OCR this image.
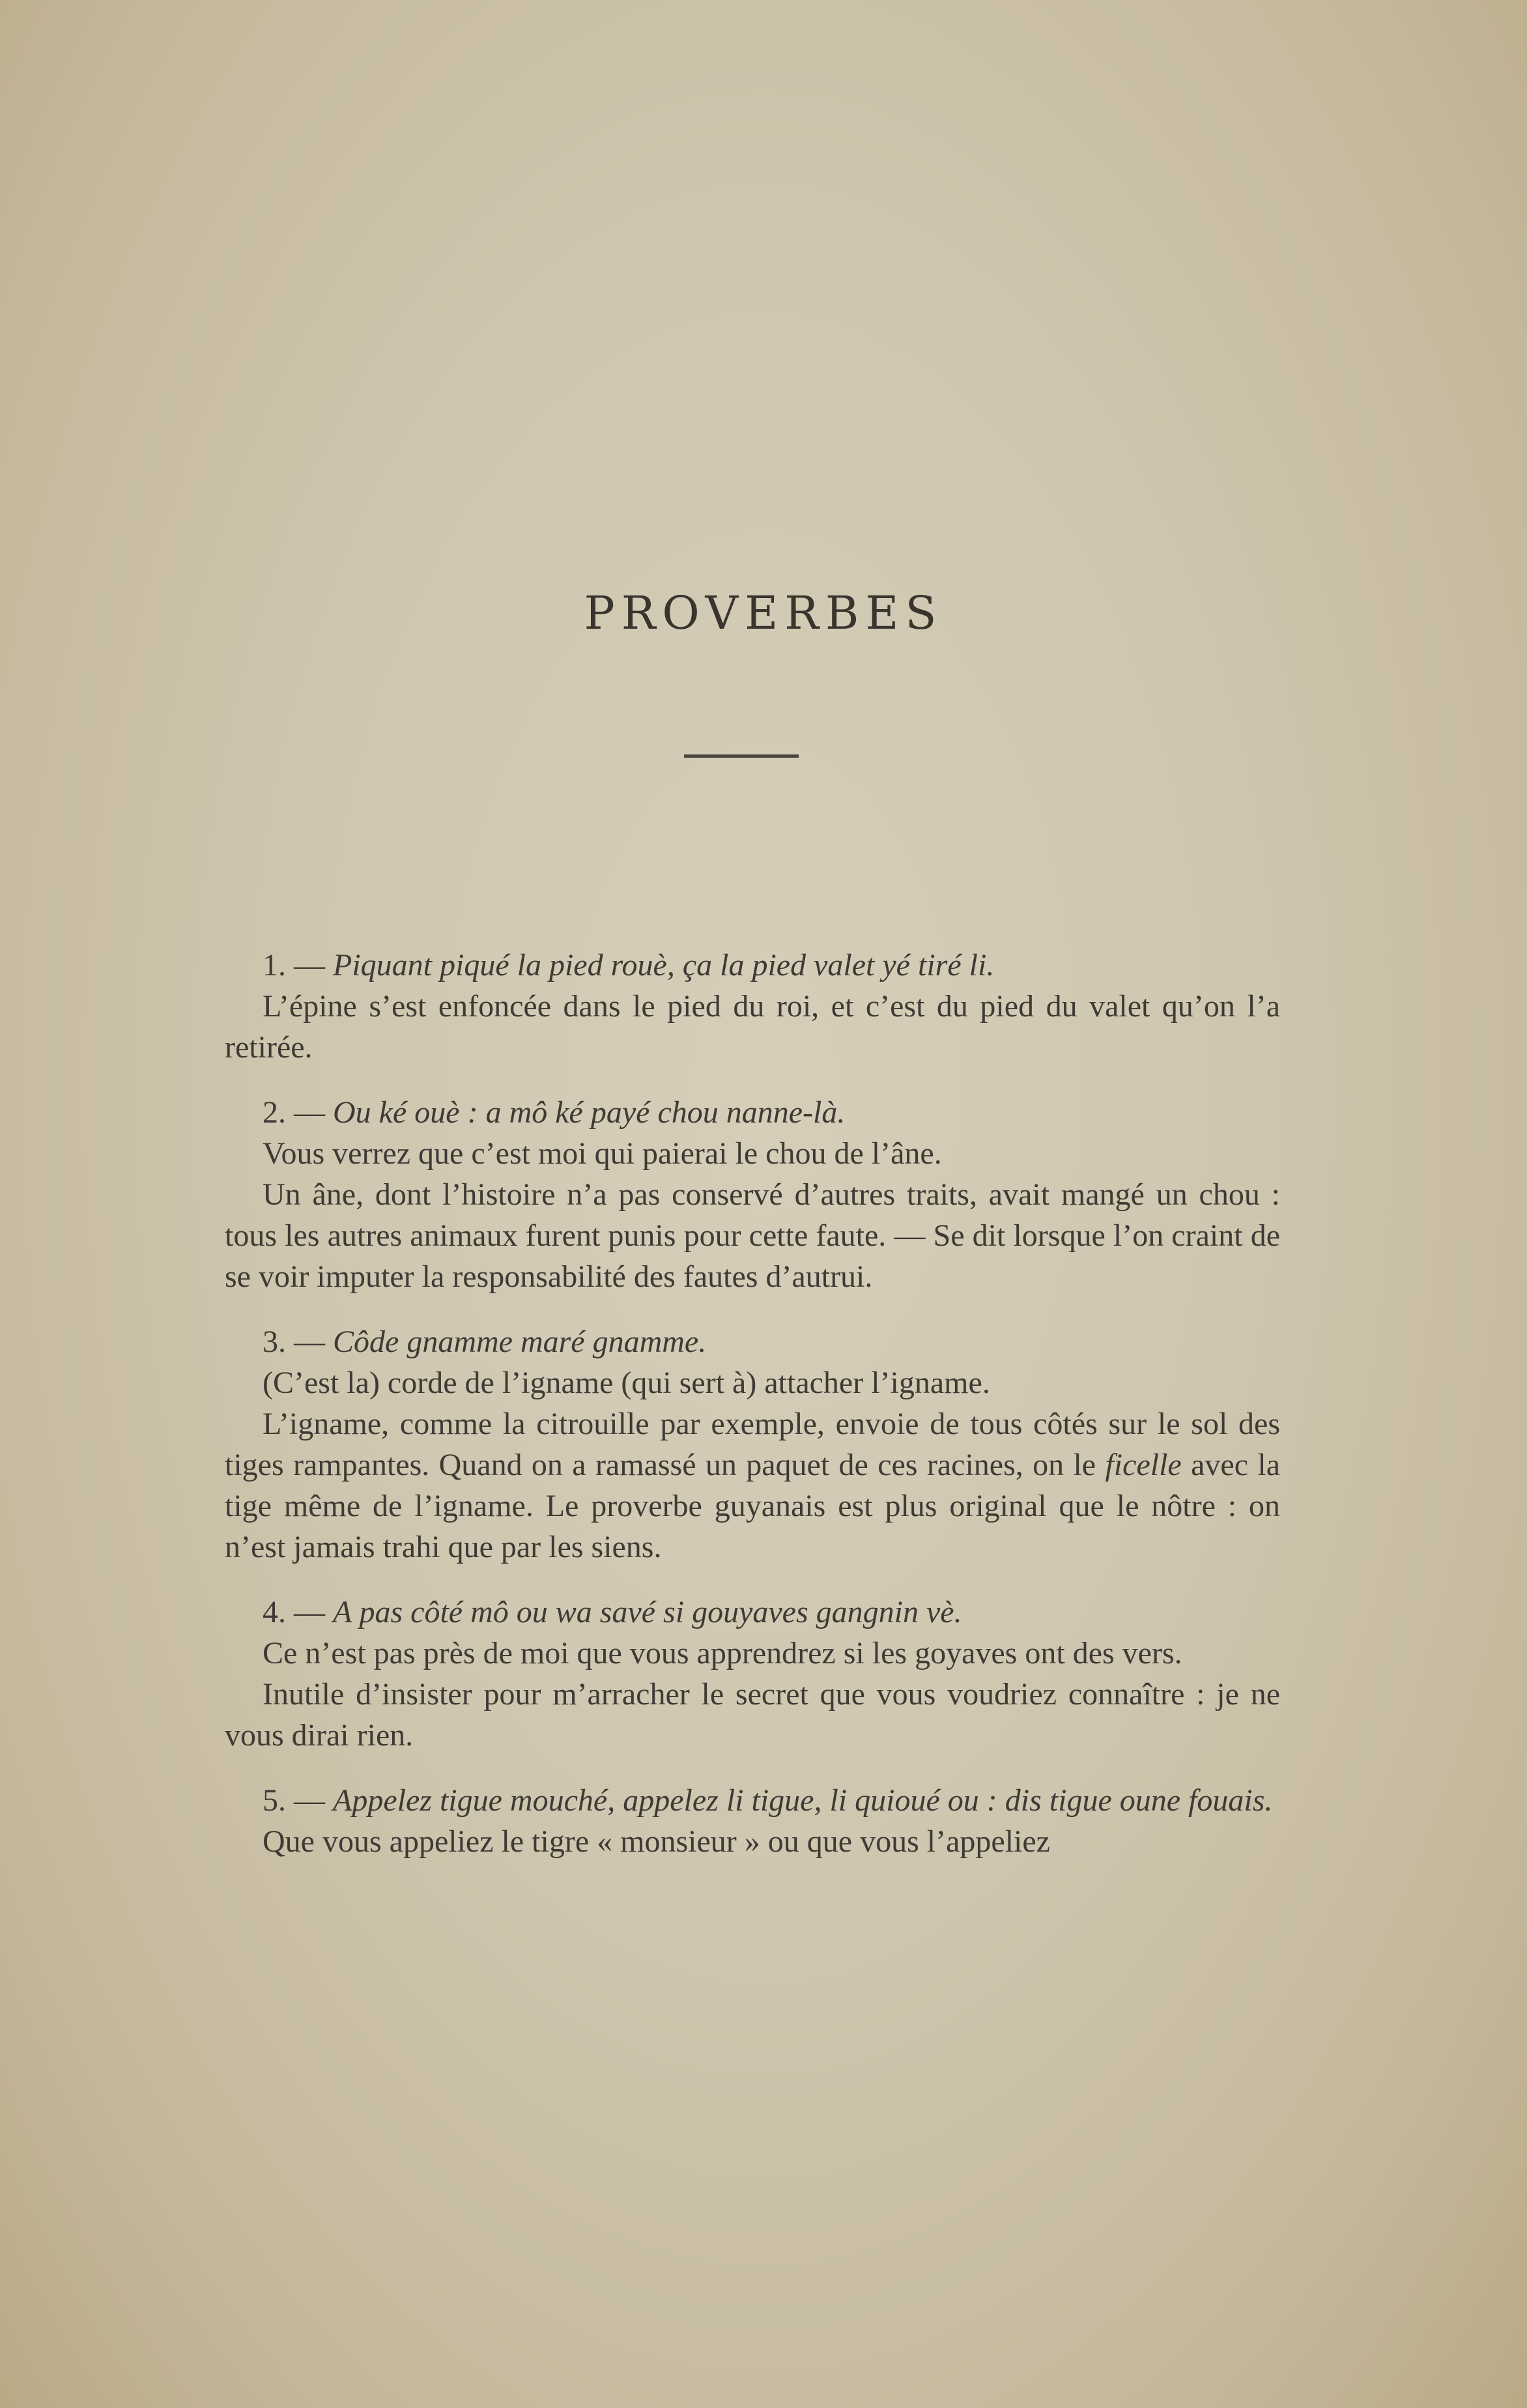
PROVERBES

1. — Piquant piqué la pied rouè, ça la pied valet yé tiré li.

L’épine s’est enfoncée dans le pied du roi, et c’est du pied du valet qu’on l’a retirée.

2. — Ou ké ouè : a mô ké payé chou nanne-là.

Vous verrez que c’est moi qui paierai le chou de l’âne.

Un âne, dont l’histoire n’a pas conservé d’autres traits, avait mangé un chou : tous les autres animaux furent punis pour cette faute. — Se dit lorsque l’on craint de se voir imputer la responsabilité des fautes d’autrui.

3. — Côde gnamme maré gnamme.

(C’est la) corde de l’igname (qui sert à) attacher l’igname.

L’igname, comme la citrouille par exemple, envoie de tous côtés sur le sol des tiges rampantes. Quand on a ramassé un paquet de ces racines, on le ficelle avec la tige même de l’igname. Le proverbe guyanais est plus original que le nôtre : on n’est jamais trahi que par les siens.

4. — A pas côté mô ou wa savé si gouyaves gangnin vè.

Ce n’est pas près de moi que vous apprendrez si les goyaves ont des vers.

Inutile d’insister pour m’arracher le secret que vous voudriez connaître : je ne vous dirai rien.

5. — Appelez tigue mouché, appelez li tigue, li quioué ou : dis tigue oune fouais.

Que vous appeliez le tigre « monsieur » ou que vous l’appeliez
